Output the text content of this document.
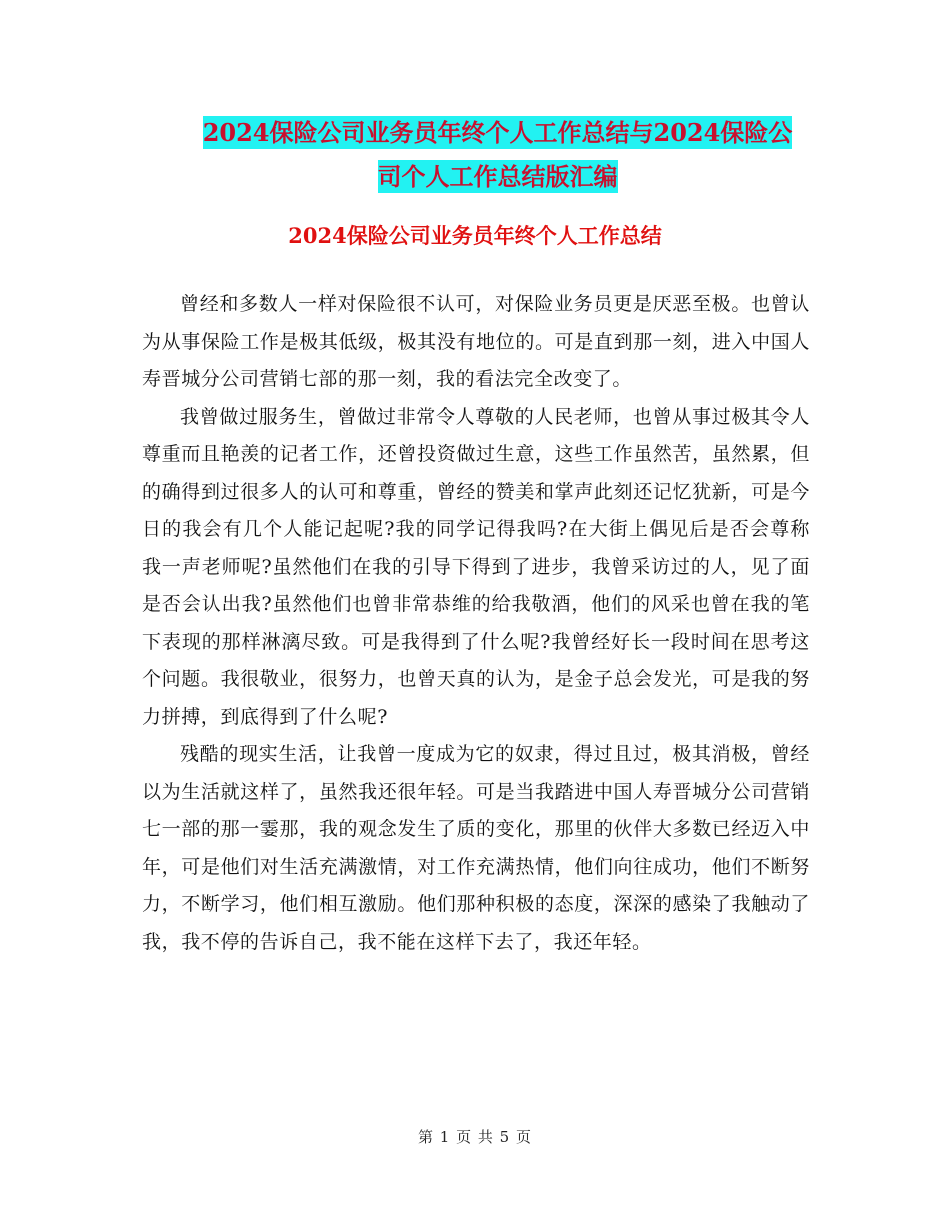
2024保险公司业务员年终个人工作总结与2024保险公
司个人工作总结版汇编
2024保险公司业务员年终个人工作总结

曾经和多数人一样对保险很不认可，对保险业务员更是厌恶至极。也曾认为从事保险工作是极其低级，极其没有地位的。可是直到那一刻，进入中国人寿晋城分公司营销七部的那一刻，我的看法完全改变了。

我曾做过服务生，曾做过非常令人尊敬的人民老师，也曾从事过极其令人尊重而且艳羡的记者工作，还曾投资做过生意，这些工作虽然苦，虽然累，但的确得到过很多人的认可和尊重，曾经的赞美和掌声此刻还记忆犹新，可是今日的我会有几个人能记起呢?我的同学记得我吗?在大街上偶见后是否会尊称我一声老师呢?虽然他们在我的引导下得到了进步，我曾采访过的人，见了面是否会认出我?虽然他们也曾非常恭维的给我敬酒，他们的风采也曾在我的笔下表现的那样淋漓尽致。可是我得到了什么呢?我曾经好长一段时间在思考这个问题。我很敬业，很努力，也曾天真的认为，是金子总会发光，可是我的努力拼搏，到底得到了什么呢?

残酷的现实生活，让我曾一度成为它的奴隶，得过且过，极其消极，曾经以为生活就这样了，虽然我还很年轻。可是当我踏进中国人寿晋城分公司营销七一部的那一霎那，我的观念发生了质的变化，那里的伙伴大多数已经迈入中年，可是他们对生活充满激情，对工作充满热情，他们向往成功，他们不断努力，不断学习，他们相互激励。他们那种积极的态度，深深的感染了我触动了我，我不停的告诉自己，我不能在这样下去了，我还年轻。

第 1 页 共 5 页
